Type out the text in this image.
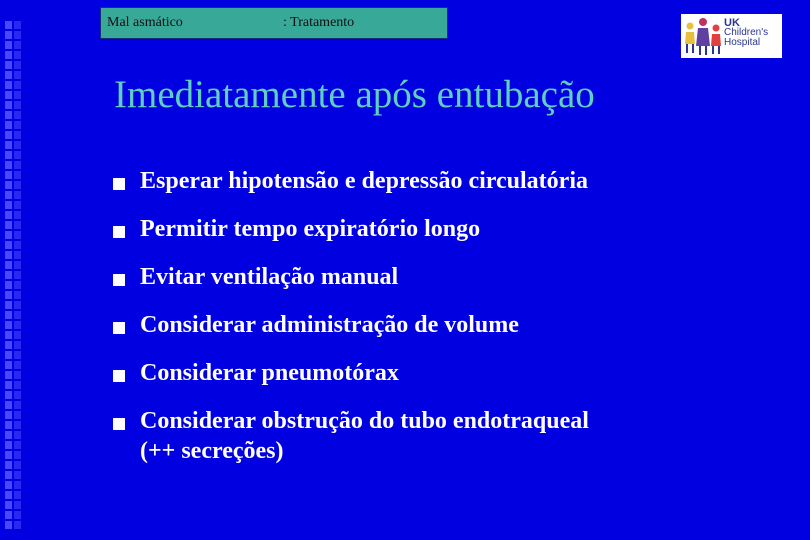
Mal asmático	: Tratamento	UK
Children's
Hospital
Imediatamente após entubação
Esperar hipotensão e depressão circulatória
Permitir tempo expiratório longo
Evitar ventilação manual
Considerar administração de volume
Considerar pneumotórax
Considerar obstrução do tubo endotraqueal
(++ secreções)
